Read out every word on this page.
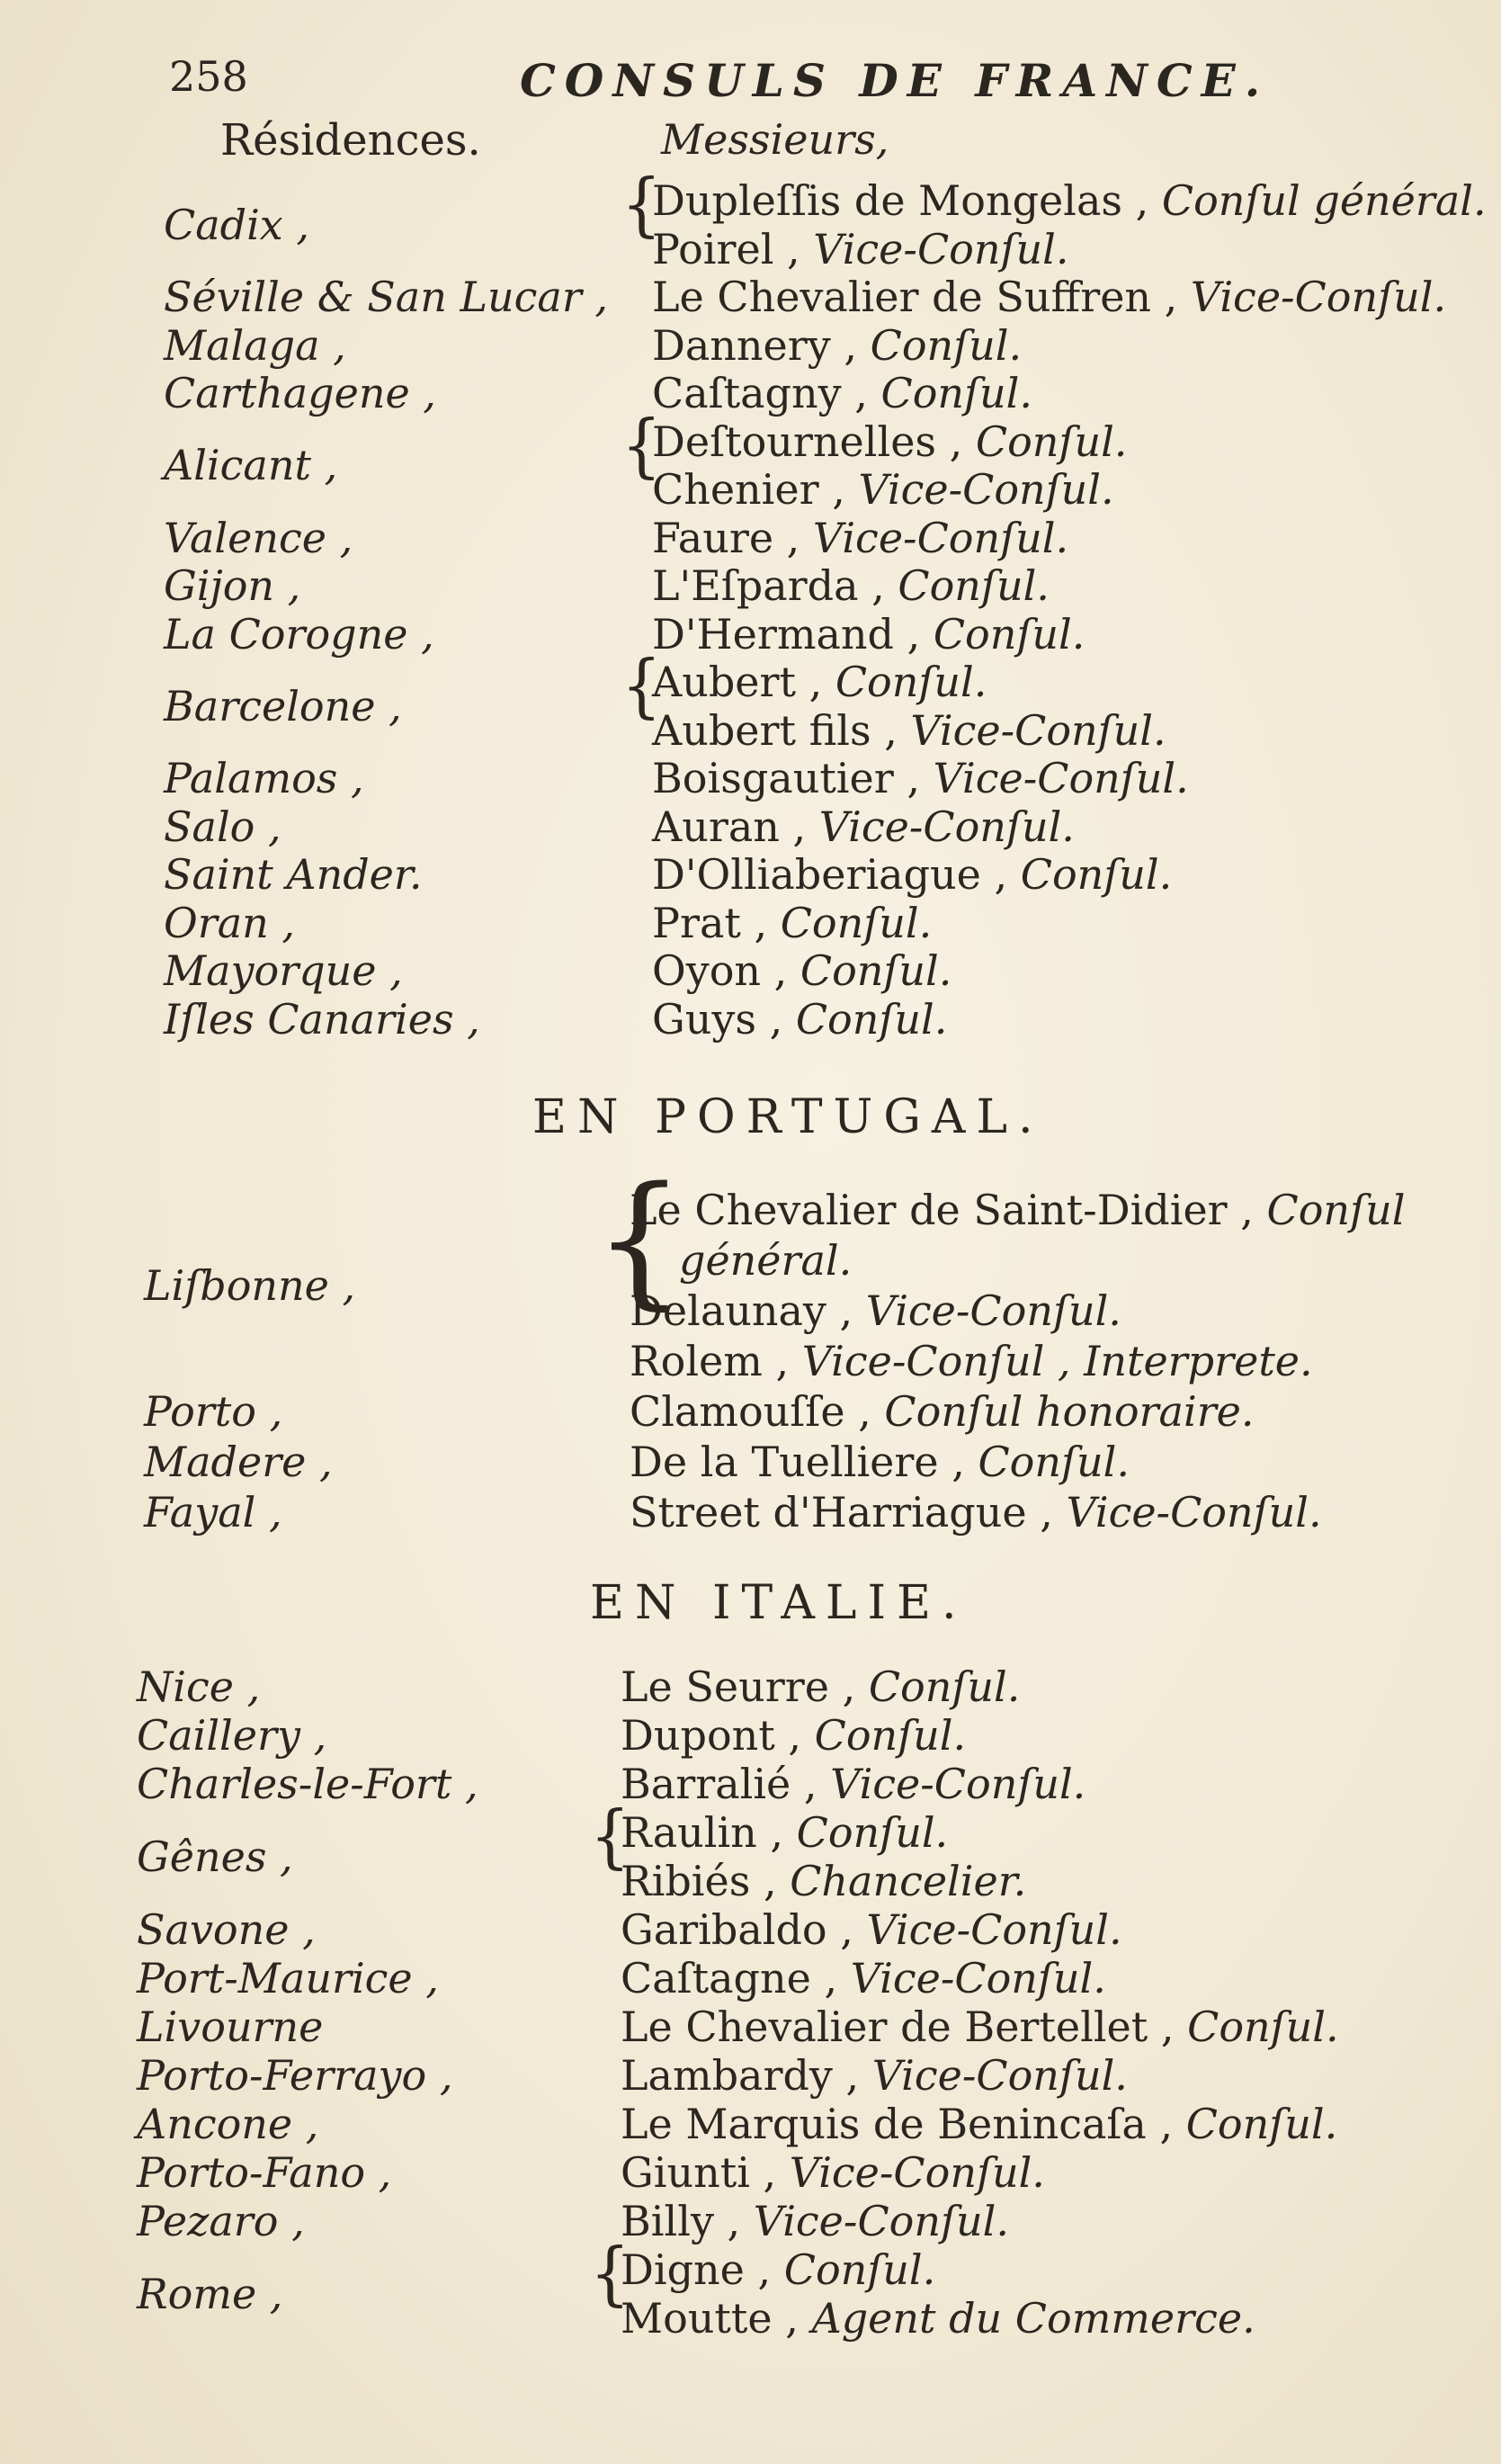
258	CONSULS DE FRANCE.
Résidences.	Messieurs,
Cadix ,	{
Dupleſſis de Mongelas , Conſul général.
Poirel , Vice-Conſul.
Séville & San Lucar , Le Chevalier de Suffren , Vice-Conſul.
Malaga ,	Dannery , Conſul.
Carthagene ,	Caſtagny , Conſul.
Alicant ,	{
Deſtournelles , Conſul.
Chenier , Vice-Conſul.
Valence ,	Faure , Vice-Conſul.
Gijon ,	L'Eſparda , Conſul.
La Corogne ,	D'Hermand , Conſul.
Barcelone ,	{
Aubert , Conſul.
Aubert fils , Vice-Conſul.
Palamos ,	Boisgautier , Vice-Conſul.
Salo ,	Auran , Vice-Conſul.
Saint Ander.	D'Olliaberiague , Conſul.
Oran ,	Prat , Conſul.
Mayorque ,	Oyon , Conſul.
Iſles Canaries ,	Guys , Conſul.
EN PORTUGAL.
Liſbonne , {
Le Chevalier de Saint-Didier , Conſul
général.
Delaunay , Vice-Conſul.
Rolem , Vice-Conſul , Interprete.
Porto ,	Clamouſſe , Conſul honoraire.
Madere ,	De la Tuelliere , Conſul.
Fayal ,	Street d'Harriague , Vice-Conſul.
EN ITALIE.
Nice ,	Le Seurre , Conſul.
Caillery ,	Dupont , Conſul.
Charles-le-Fort ,	Barralié , Vice-Conſul.
Gênes ,	{
Raulin , Conſul.
Ribiés , Chancelier.
Savone ,	Garibaldo , Vice-Conſul.
Port-Maurice ,	Caſtagne , Vice-Conſul.
Livourne	Le Chevalier de Bertellet , Conſul.
Porto-Ferrayo ,	Lambardy , Vice-Conſul.
Ancone ,	Le Marquis de Benincaſa , Conſul.
Porto-Fano ,	Giunti , Vice-Conſul.
Pezaro ,	Billy , Vice-Conſul.
Rome ,	{
Digne , Conſul.
Moutte , Agent du Commerce.
